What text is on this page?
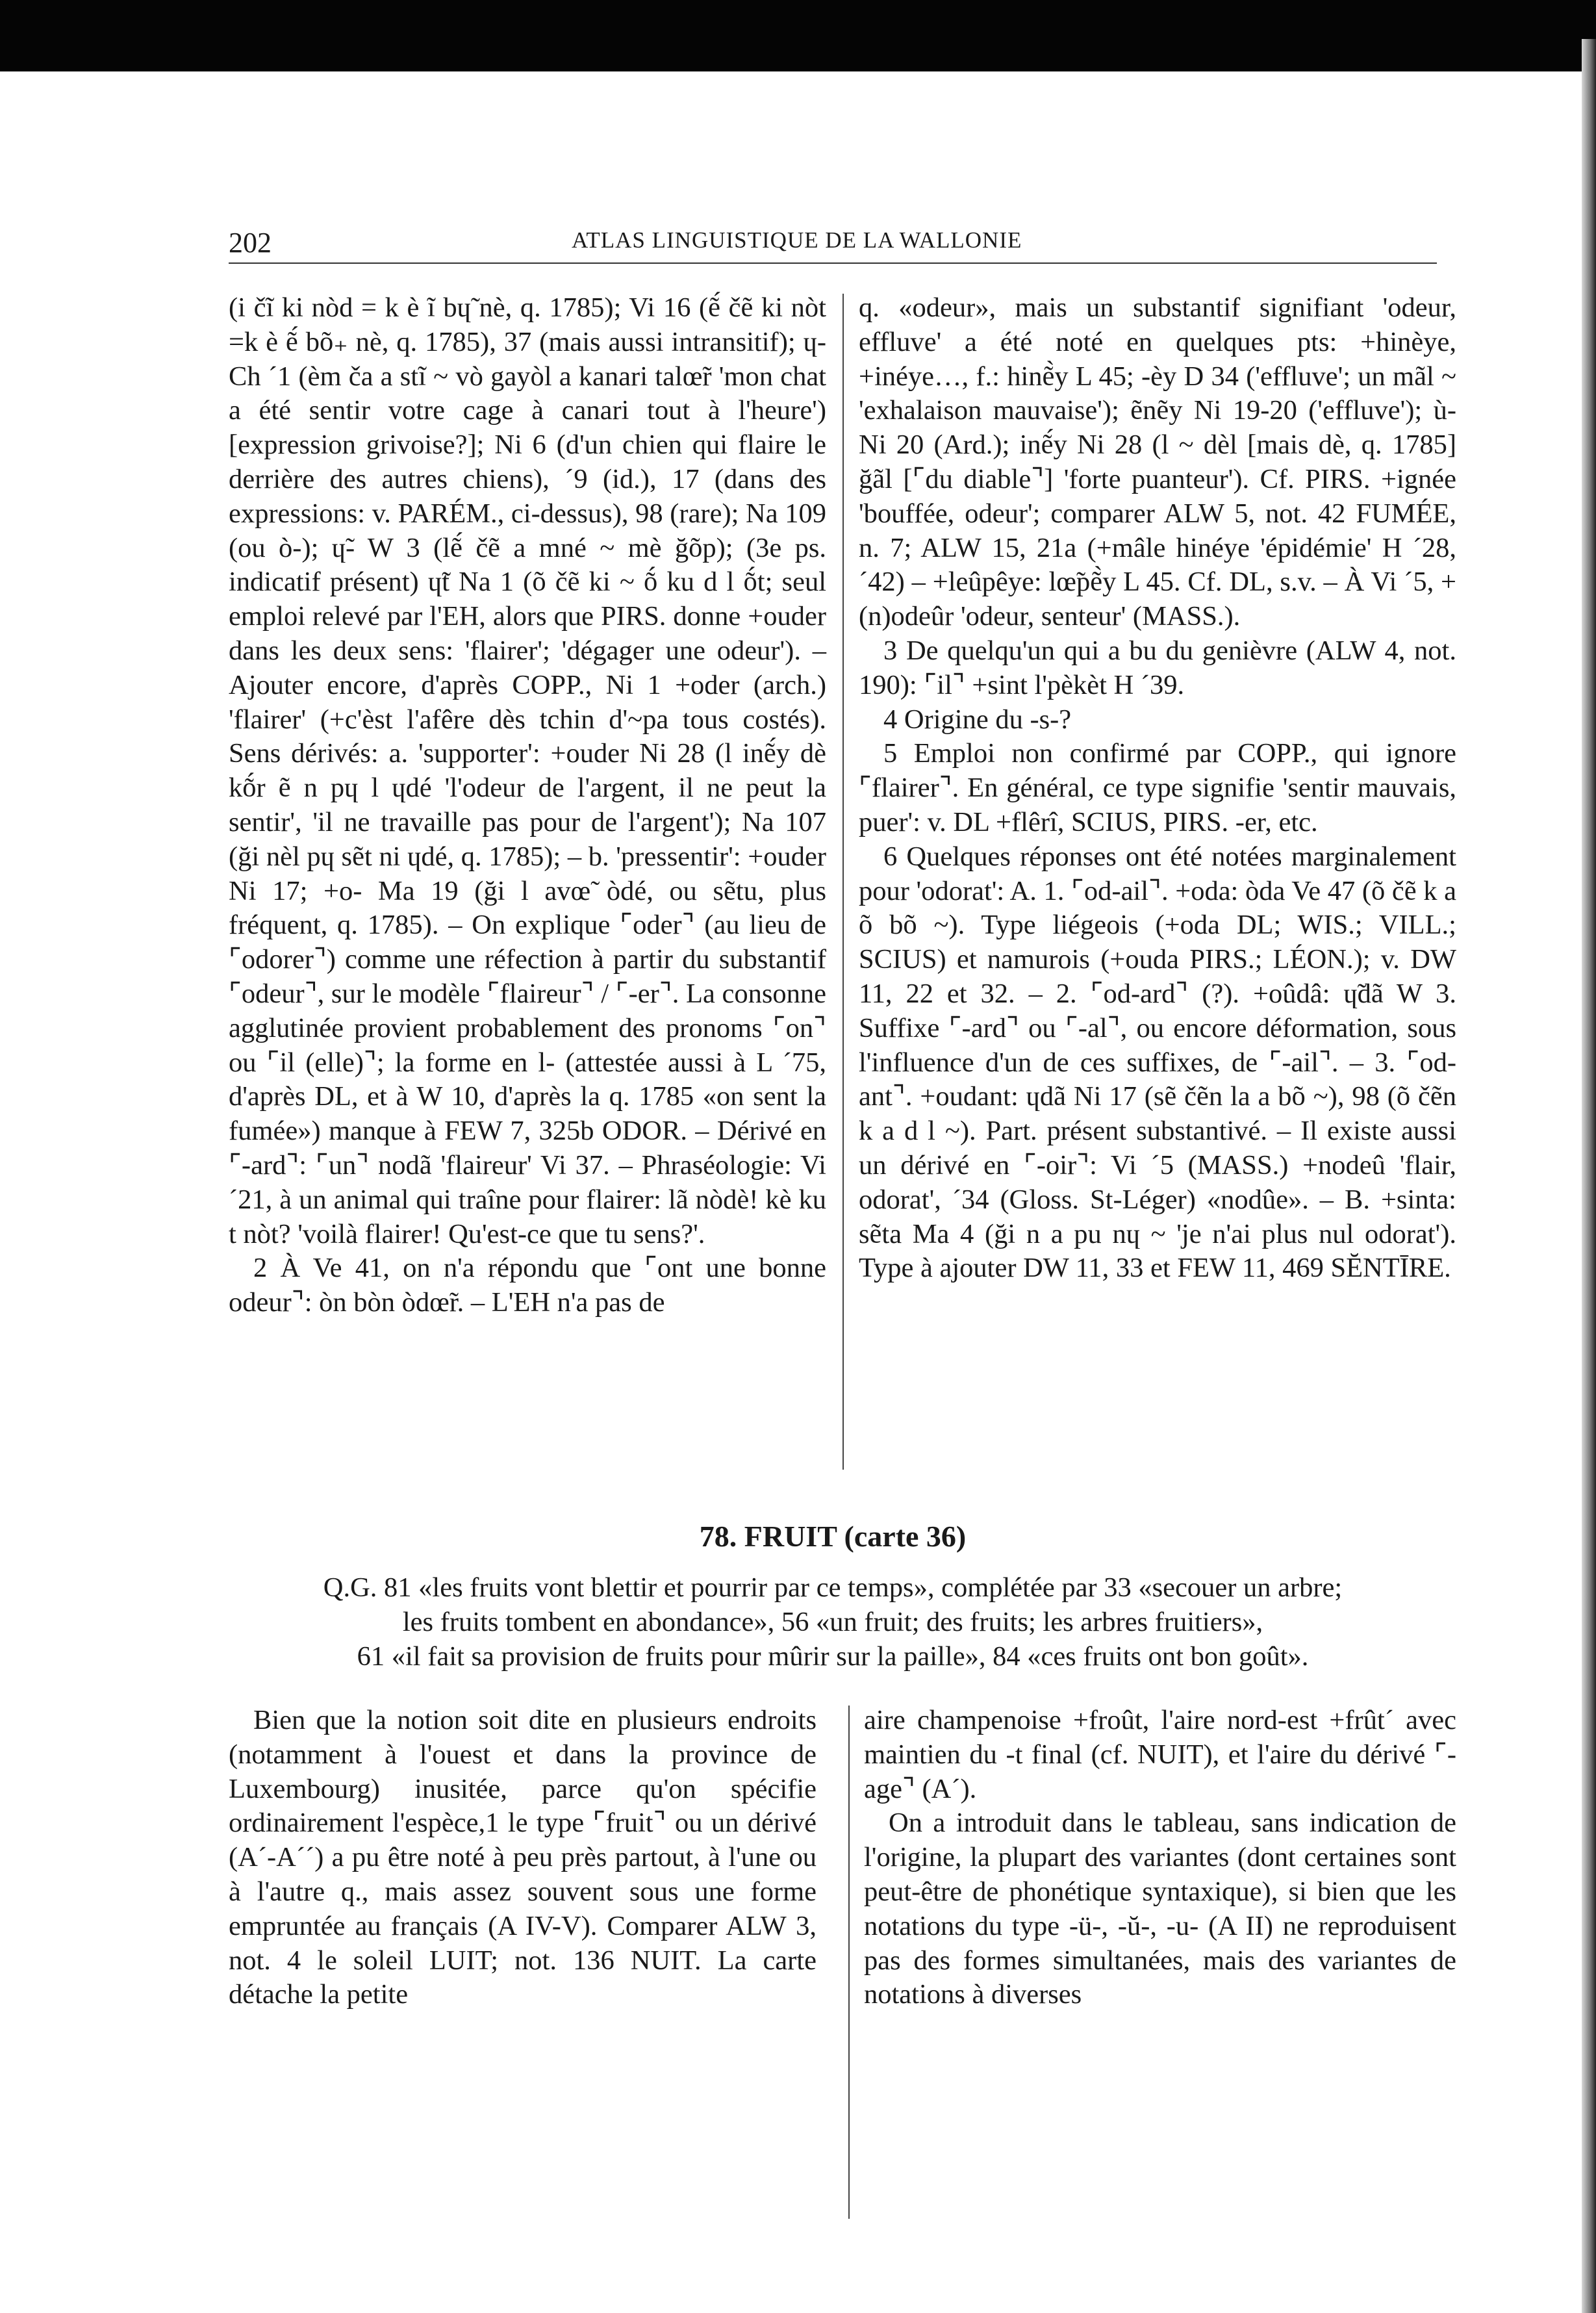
202	ATLAS LINGUISTIQUE DE LA WALLONIE

(i čĩ ki nòd = k è ĩ bɥ̃ nè, q. 1785); Vi 16 (ẽ́ čẽ ki nòt =k è ẽ́ bõ₊ nè, q. 1785), 37 (mais aussi intransitif); ɥ- Ch ´1 (èm ča a stĩ ~ vò gayòl a kanari talœ̃r 'mon chat a été sentir votre cage à canari tout à l'heure') [expression grivoise?]; Ni 6 (d'un chien qui flaire le derrière des autres chiens), ´9 (id.), 17 (dans des expressions: v. PARÉM., ci-dessus), 98 (rare); Na 109 (ou ò-); ɥ̃- W 3 (lẽ́ čẽ a mné ~ mè ğõp); (3e ps. indicatif présent) ɥ̃t Na 1 (õ čẽ ki ~ ṍ ku d l ṍt; seul emploi relevé par l'EH, alors que PIRS. donne +ouder dans les deux sens: 'flairer'; 'dégager une odeur'). – Ajouter encore, d'après COPP., Ni 1 +oder (arch.) 'flairer' (+c'èst l'afêre dès tchin d'~pa tous costés). Sens dérivés: a. 'supporter': +ouder Ni 28 (l inẽ́y dè kṍr ẽ n pɥ l ɥdé 'l'odeur de l'argent, il ne peut la sentir', 'il ne travaille pas pour de l'argent'); Na 107 (ği nèl pɥ sẽt ni ɥdé, q. 1785); – b. 'pressentir': +ouder Ni 17; +o- Ma 19 (ği l avœ̃ òdé, ou sẽtu, plus fréquent, q. 1785). – On explique ⌜oder⌝ (au lieu de ⌜odorer⌝) comme une réfection à partir du substantif ⌜odeur⌝, sur le modèle ⌜flaireur⌝ / ⌜-er⌝. La consonne agglutinée provient probablement des pronoms ⌜on⌝ ou ⌜il (elle)⌝; la forme en l- (attestée aussi à L ´75, d'après DL, et à W 10, d'après la q. 1785 «on sent la fumée») manque à FEW 7, 325b ODOR. – Dérivé en ⌜-ard⌝: ⌜un⌝ nodã 'flaireur' Vi 37. – Phraséologie: Vi ´21, à un animal qui traîne pour flairer: lã nòdè! kè ku t nòt? 'voilà flairer! Qu'est-ce que tu sens?'.

2 À Ve 41, on n'a répondu que ⌜ont une bonne odeur⌝: òn bòn òdœ̃r. – L'EH n'a pas de

q. «odeur», mais un substantif signifiant 'odeur, effluve' a été noté en quelques pts: +hinèye, +inéye…, f.: hinẽ̀y L 45; -èy D 34 ('effluve'; un mãl ~ 'exhalaison mauvaise'); ẽnẽy Ni 19-20 ('effluve'); ù- Ni 20 (Ard.); inẽ́y Ni 28 (l ~ dèl [mais dè, q. 1785] ğãl [⌜du diable⌝] 'forte puanteur'). Cf. PIRS. +ignée 'bouffée, odeur'; comparer ALW 5, not. 42 FUMÉE, n. 7; ALW 15, 21a (+mâle hinéye 'épidémie' H ´28, ´42) – +leûpêye: lœ̃pẽ̀y L 45. Cf. DL, s.v. – À Vi ´5, +(n)odeûr 'odeur, senteur' (MASS.).

3 De quelqu'un qui a bu du genièvre (ALW 4, not. 190): ⌜il⌝ +sint l'pèkèt H ´39.

4 Origine du -s-?

5 Emploi non confirmé par COPP., qui ignore ⌜flairer⌝. En général, ce type signifie 'sentir mauvais, puer': v. DL +flêrî, SCIUS, PIRS. -er, etc.

6 Quelques réponses ont été notées marginalement pour 'odorat': A. 1. ⌜od-ail⌝. +oda: òda Ve 47 (õ čẽ k a õ bõ ~). Type liégeois (+oda DL; WIS.; VILL.; SCIUS) et namurois (+ouda PIRS.; LÉON.); v. DW 11, 22 et 32. – 2. ⌜od-ard⌝ (?). +oûdâ: ɥ̃dã W 3. Suffixe ⌜-ard⌝ ou ⌜-al⌝, ou encore déformation, sous l'influence d'un de ces suffixes, de ⌜-ail⌝. – 3. ⌜od-ant⌝. +oudant: ɥdã Ni 17 (sẽ čẽn la a bõ ~), 98 (õ čẽn k a d l ~). Part. présent substantivé. – Il existe aussi un dérivé en ⌜-oir⌝: Vi ´5 (MASS.) +nodeû 'flair, odorat', ´34 (Gloss. St-Léger) «nodûe». – B. +sinta: sẽta Ma 4 (ği n a pu nɥ ~ 'je n'ai plus nul odorat'). Type à ajouter DW 11, 33 et FEW 11, 469 SĔNTĪRE.

78. FRUIT (carte 36)
Q.G. 81 «les fruits vont blettir et pourrir par ce temps», complétée par 33 «secouer un arbre;
les fruits tombent en abondance», 56 «un fruit; des fruits; les arbres fruitiers»,
61 «il fait sa provision de fruits pour mûrir sur la paille», 84 «ces fruits ont bon goût».

Bien que la notion soit dite en plusieurs endroits (notamment à l'ouest et dans la province de Luxembourg) inusitée, parce qu'on spécifie ordinairement l'espèce,1 le type ⌜fruit⌝ ou un dérivé (A´-A´´) a pu être noté à peu près partout, à l'une ou à l'autre q., mais assez souvent sous une forme empruntée au français (A IV-V). Comparer ALW 3, not. 4 le soleil LUIT; not. 136 NUIT. La carte détache la petite

aire champenoise +froût, l'aire nord-est +frût´ avec maintien du -t final (cf. NUIT), et l'aire du dérivé ⌜-age⌝ (A´).

On a introduit dans le tableau, sans indication de l'origine, la plupart des variantes (dont certaines sont peut-être de phonétique syntaxique), si bien que les notations du type -ü-, -ŭ-, -u- (A II) ne reproduisent pas des formes simultanées, mais des variantes de notations à diverses
